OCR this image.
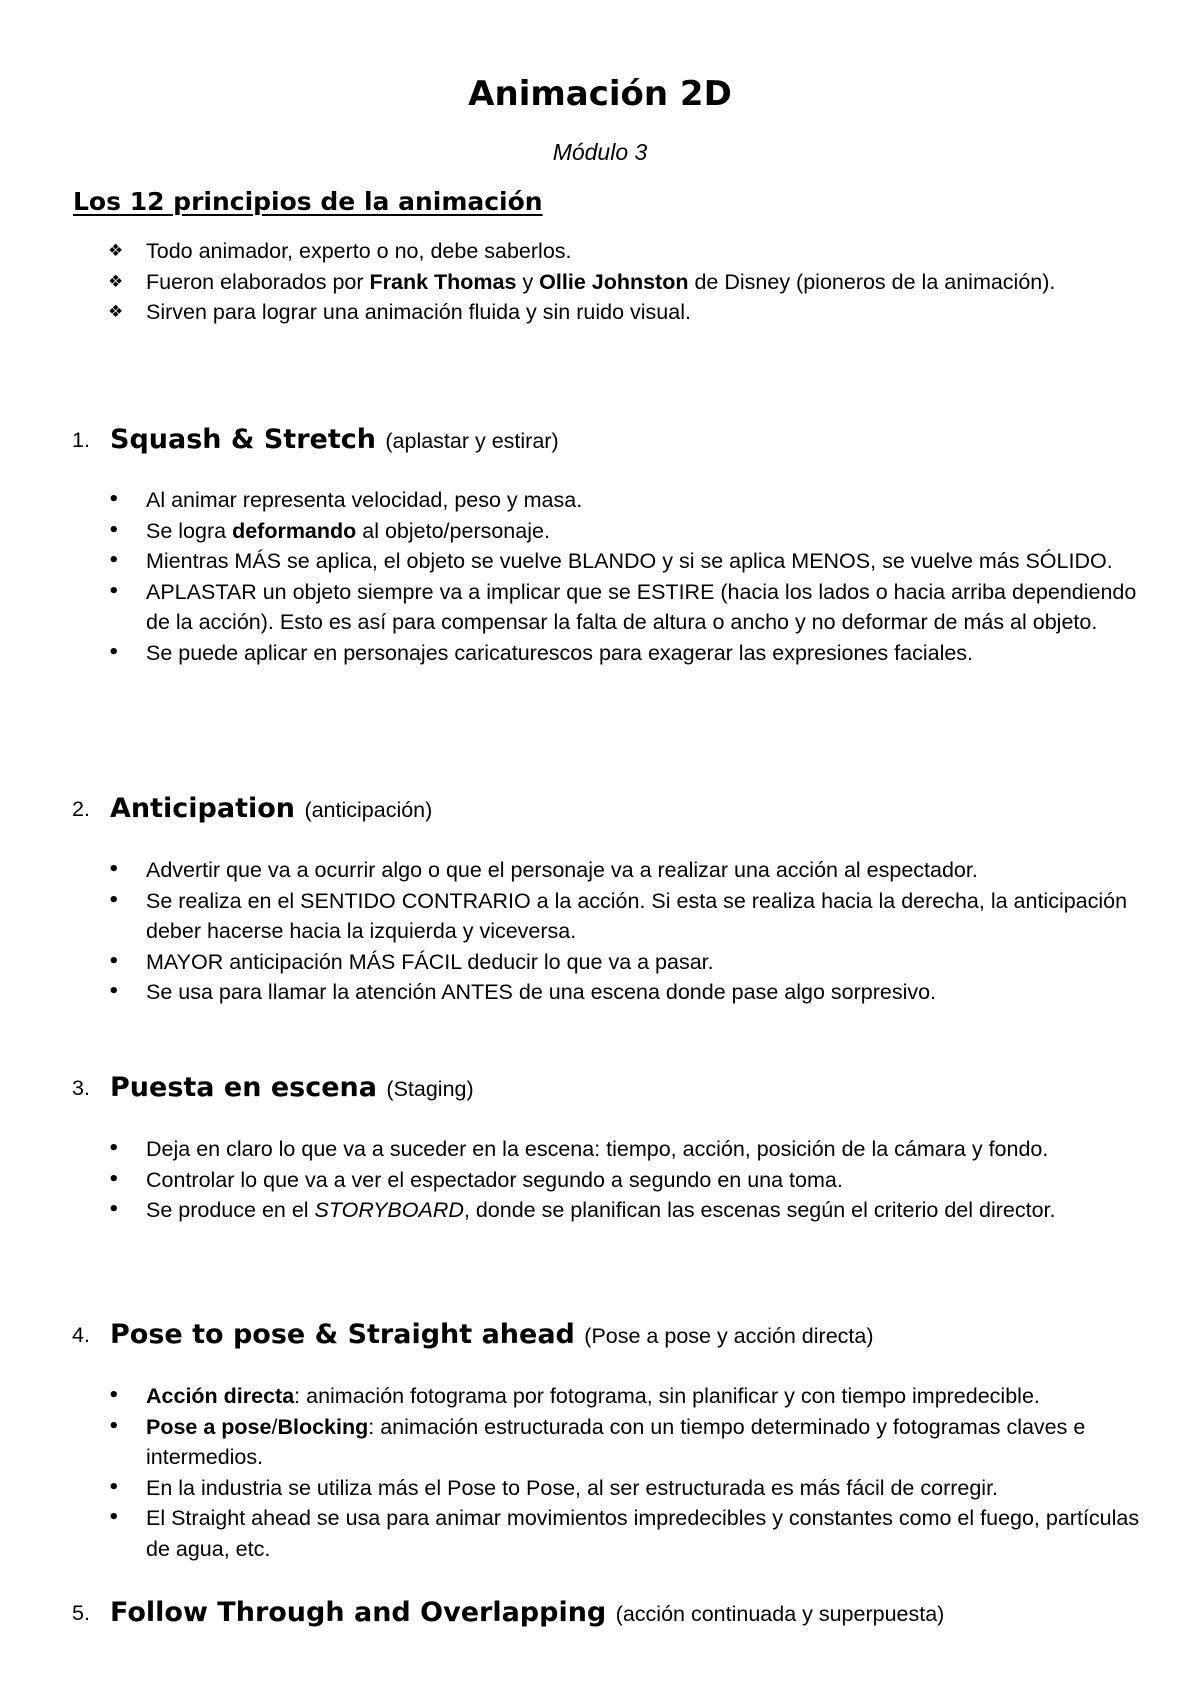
Animación 2D
Módulo 3
Los 12 principios de la animación
❖	Todo animador, experto o no, debe saberlos.
❖	Fueron elaborados por Frank Thomas y Ollie Johnston de Disney (pioneros de la animación).
❖	Sirven para lograr una animación fluida y sin ruido visual.
1. Squash & Stretch (aplastar y estirar)
•	Al animar representa velocidad, peso y masa.
•	Se logra deformando al objeto/personaje.
•	Mientras MÁS se aplica, el objeto se vuelve BLANDO y si se aplica MENOS, se vuelve más SÓLIDO.
•	APLASTAR un objeto siempre va a implicar que se ESTIRE (hacia los lados o hacia arriba dependiendo de la acción). Esto es así para compensar la falta de altura o ancho y no deformar de más al objeto.
•	Se puede aplicar en personajes caricaturescos para exagerar las expresiones faciales.
2. Anticipation (anticipación)
•	Advertir que va a ocurrir algo o que el personaje va a realizar una acción al espectador.
•	Se realiza en el SENTIDO CONTRARIO a la acción. Si esta se realiza hacia la derecha, la anticipación deber hacerse hacia la izquierda y viceversa.
•	MAYOR anticipación MÁS FÁCIL deducir lo que va a pasar.
•	Se usa para llamar la atención ANTES de una escena donde pase algo sorpresivo.
3. Puesta en escena (Staging)
•	Deja en claro lo que va a suceder en la escena: tiempo, acción, posición de la cámara y fondo.
•	Controlar lo que va a ver el espectador segundo a segundo en una toma.
•	Se produce en el STORYBOARD, donde se planifican las escenas según el criterio del director.
4. Pose to pose & Straight ahead (Pose a pose y acción directa)
•	Acción directa: animación fotograma por fotograma, sin planificar y con tiempo impredecible.
•	Pose a pose/Blocking: animación estructurada con un tiempo determinado y fotogramas claves e intermedios.
•	En la industria se utiliza más el Pose to Pose, al ser estructurada es más fácil de corregir.
•	El Straight ahead se usa para animar movimientos impredecibles y constantes como el fuego, partículas de agua, etc.
5. Follow Through and Overlapping (acción continuada y superpuesta)
